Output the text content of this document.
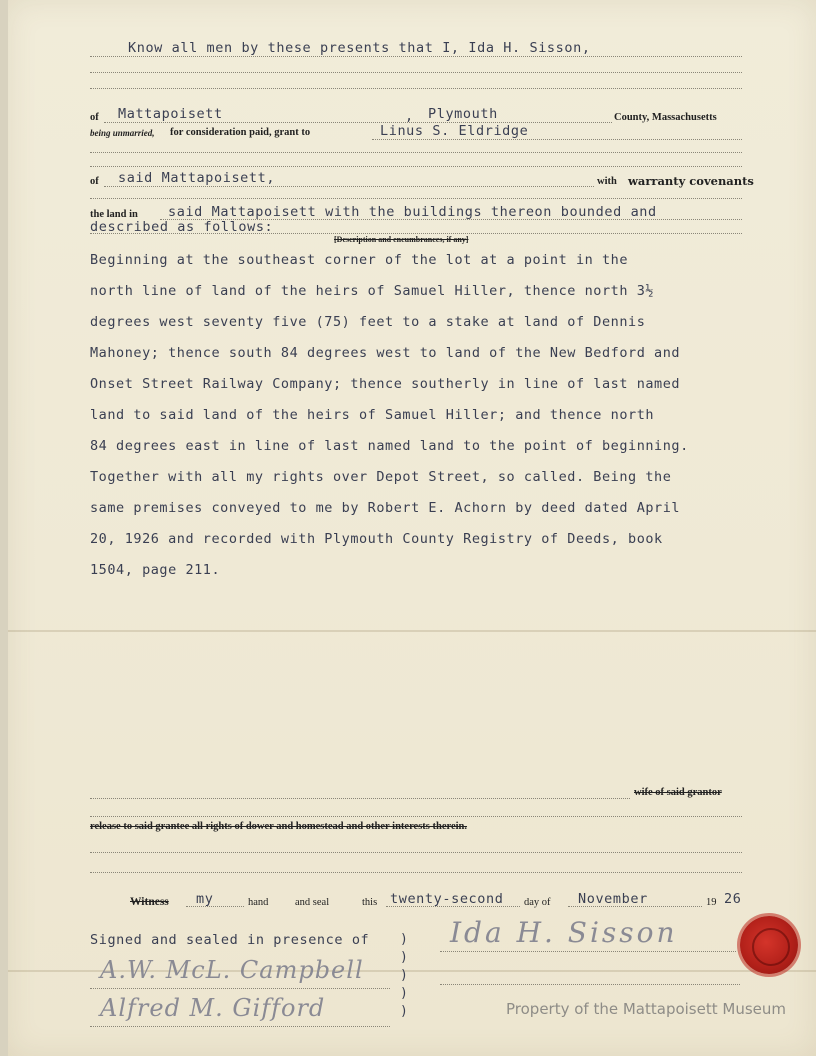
Know all men by these presents that I, Ida H. Sisson,
of Mattapoisett	, Plymouth	County, Massachusetts
being unmarried, for consideration paid, grant to	Linus S. Eldridge
of said Mattapoisett,	with warranty covenants
the land in said Mattapoisett with the buildings thereon bounded and
described as follows:
[Description and encumbrances, if any]
Beginning at the southeast corner of the lot at a point in the
north line of land of the heirs of Samuel Hiller, thence north 3½
degrees west seventy five (75) feet to a stake at land of Dennis
Mahoney; thence south 84 degrees west to land of the New Bedford and
Onset Street Railway Company; thence southerly in line of last named
land to said land of the heirs of Samuel Hiller; and thence north
84 degrees east in line of last named land to the point of beginning.
Together with all my rights over Depot Street, so called. Being the
same premises conveyed to me by Robert E. Achorn by deed dated April
20, 1926 and recorded with Plymouth County Registry of Deeds, book
1504, page 211.
wife of said grantor
release to said grantee all rights of dower and homestead and other interests therein.
Witness my	hand	and seal	this twenty-second day of November	19 26
Signed and sealed in presence of )
)
)
)
)
Ida H. Sisson
A.W. McL. Campbell
Alfred M. Gifford	Property of the Mattapoisett Museum
